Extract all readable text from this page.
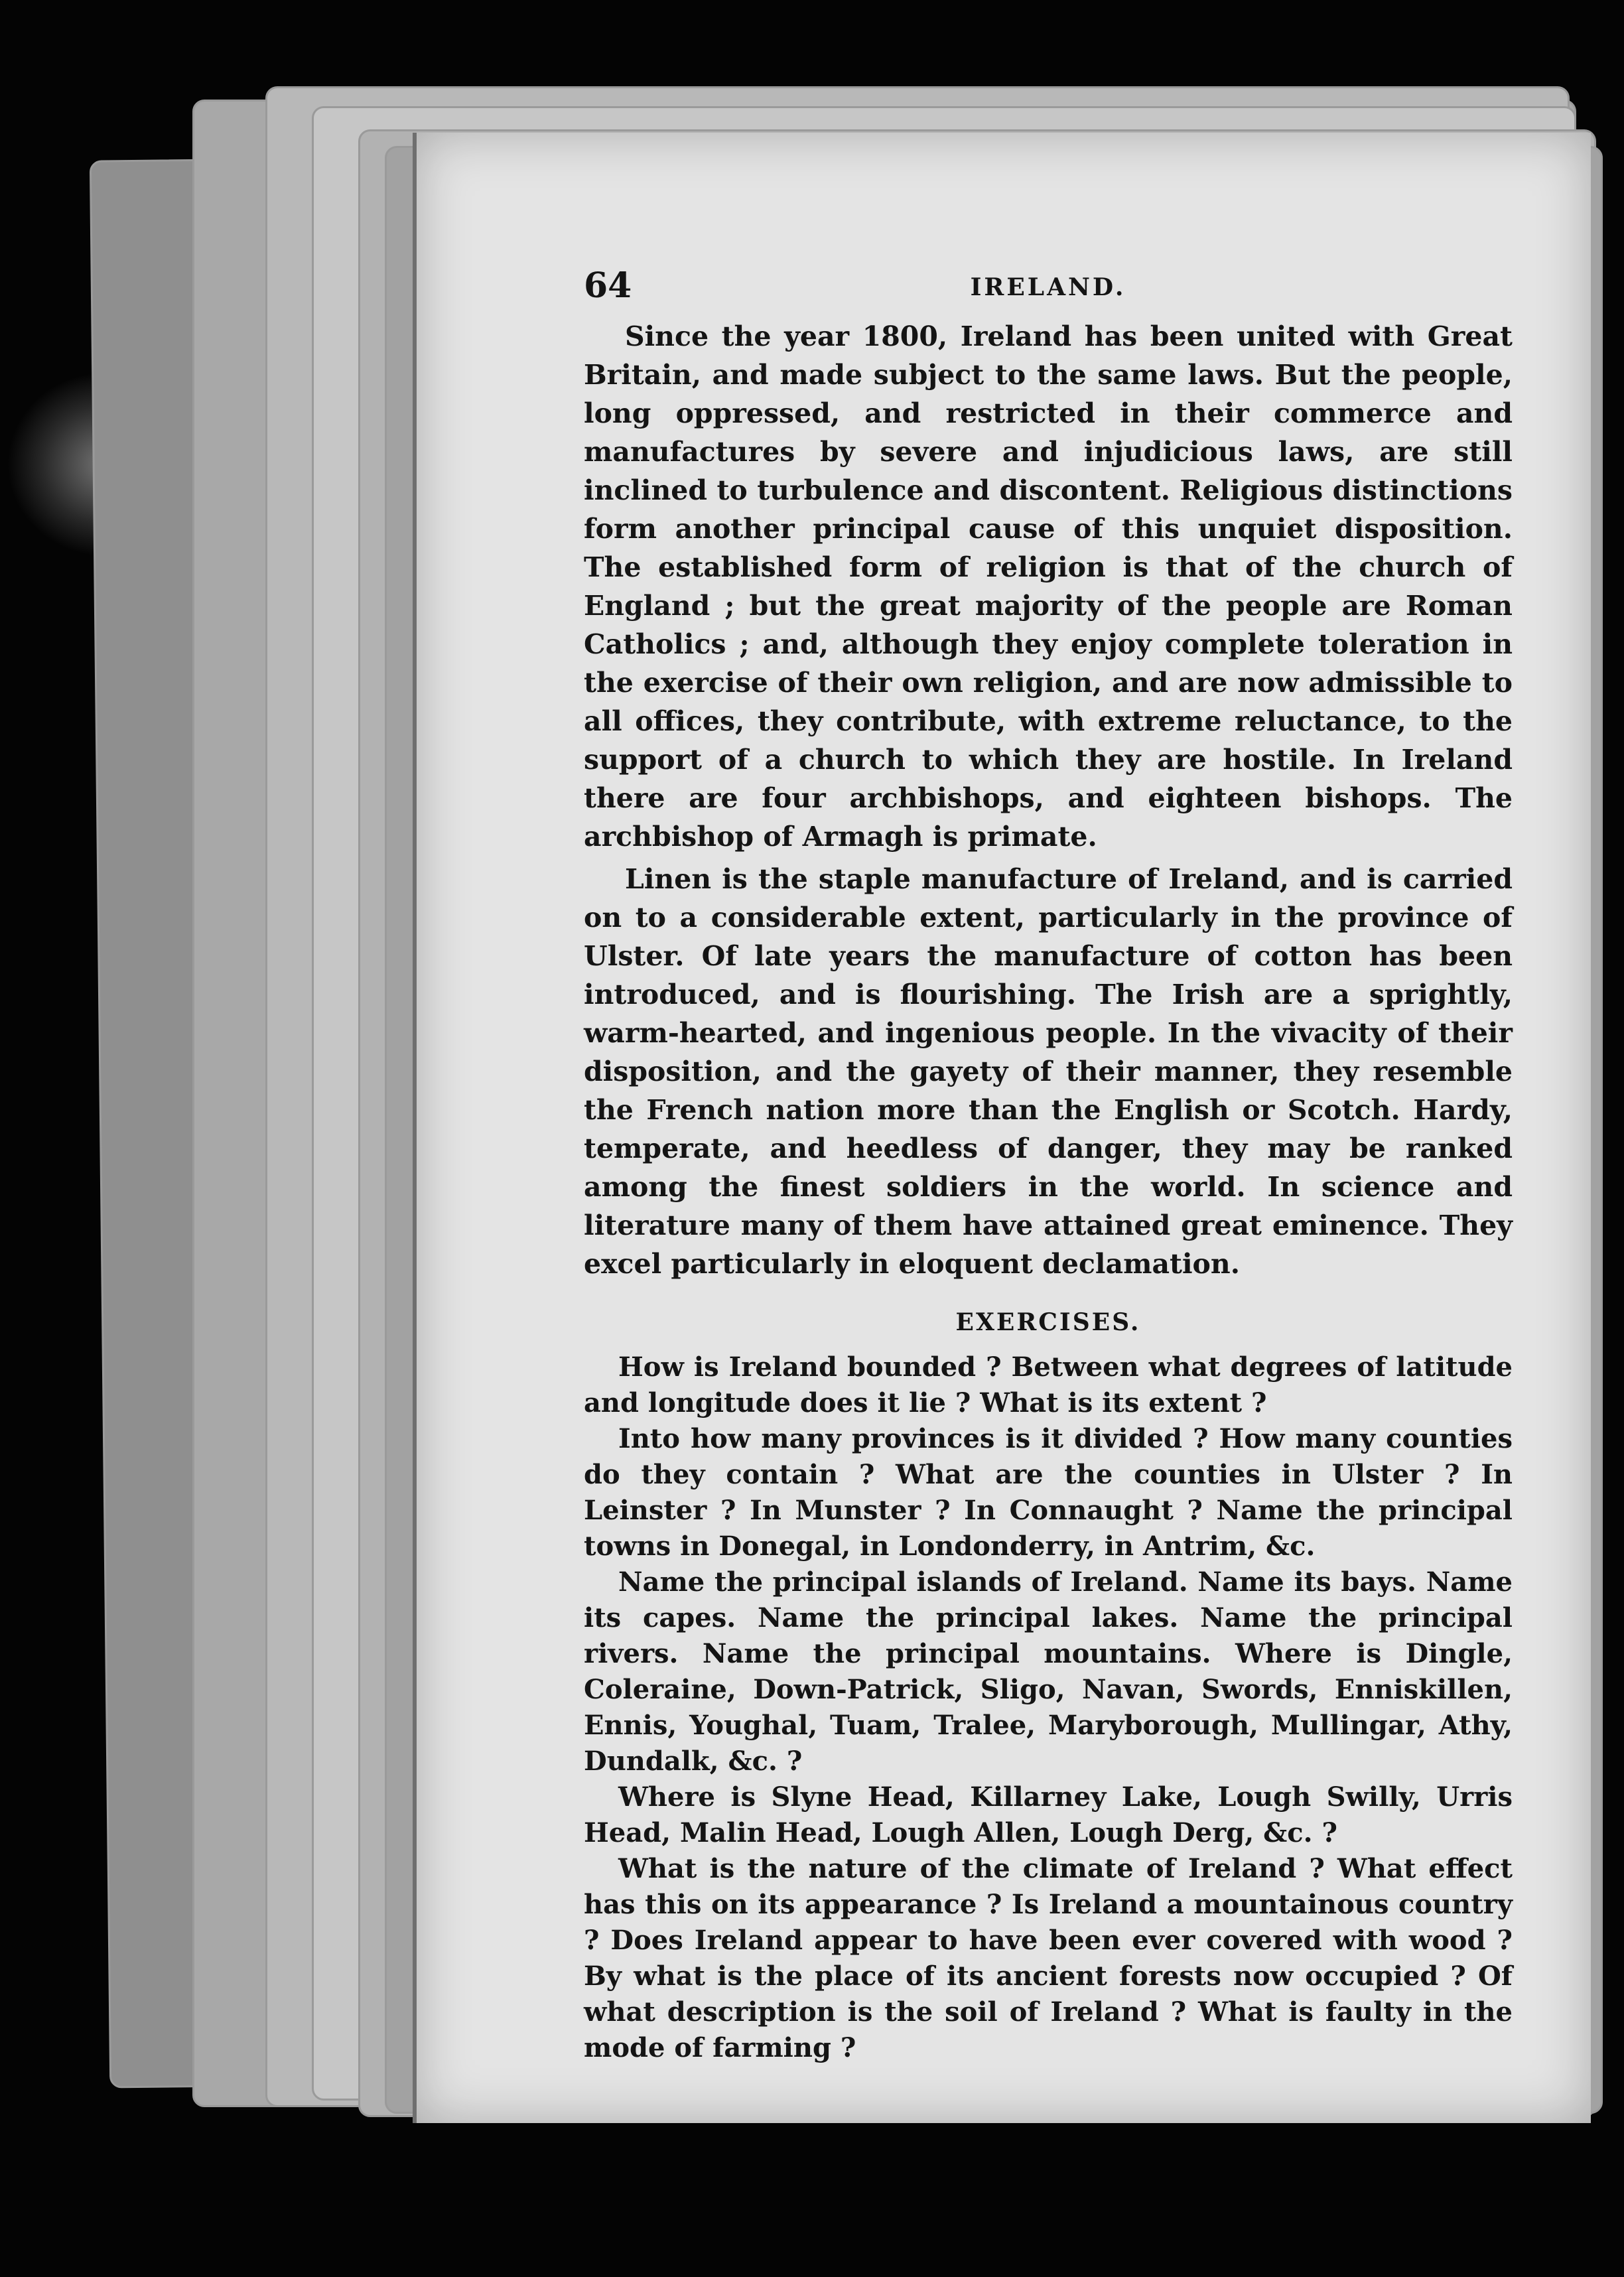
64	IRELAND.

Since the year 1800, Ireland has been united with Great Britain, and made subject to the same laws. But the people, long oppressed, and restricted in their commerce and manufactures by severe and injudicious laws, are still inclined to turbulence and discontent. Religious distinctions form another principal cause of this unquiet disposition. The established form of religion is that of the church of England ; but the great majority of the people are Roman Catholics ; and, although they enjoy complete toleration in the exercise of their own religion, and are now admissible to all offices, they contribute, with extreme reluctance, to the support of a church to which they are hostile. In Ireland there are four archbishops, and eighteen bishops. The archbishop of Armagh is primate.

Linen is the staple manufacture of Ireland, and is carried on to a considerable extent, particularly in the province of Ulster. Of late years the manufacture of cotton has been introduced, and is flourishing. The Irish are a sprightly, warm-hearted, and ingenious people. In the vivacity of their disposition, and the gayety of their manner, they resemble the French nation more than the English or Scotch. Hardy, temperate, and heedless of danger, they may be ranked among the finest soldiers in the world. In science and literature many of them have attained great eminence. They excel particularly in eloquent declamation.

EXERCISES.

How is Ireland bounded ? Between what degrees of latitude and longitude does it lie ? What is its extent ?

Into how many provinces is it divided ? How many counties do they contain ? What are the counties in Ulster ? In Leinster ? In Munster ? In Connaught ? Name the principal towns in Donegal, in Londonderry, in Antrim, &c.

Name the principal islands of Ireland. Name its bays. Name its capes. Name the principal lakes. Name the principal rivers. Name the principal mountains. Where is Dingle, Coleraine, Down-Patrick, Sligo, Navan, Swords, Enniskillen, Ennis, Youghal, Tuam, Tralee, Maryborough, Mullingar, Athy, Dundalk, &c. ?

Where is Slyne Head, Killarney Lake, Lough Swilly, Urris Head, Malin Head, Lough Allen, Lough Derg, &c. ?

What is the nature of the climate of Ireland ? What effect has this on its appearance ? Is Ireland a mountainous country ? Does Ireland appear to have been ever covered with wood ? By what is the place of its ancient forests now occupied ? Of what description is the soil of Ireland ? What is faulty in the mode of farming ?
